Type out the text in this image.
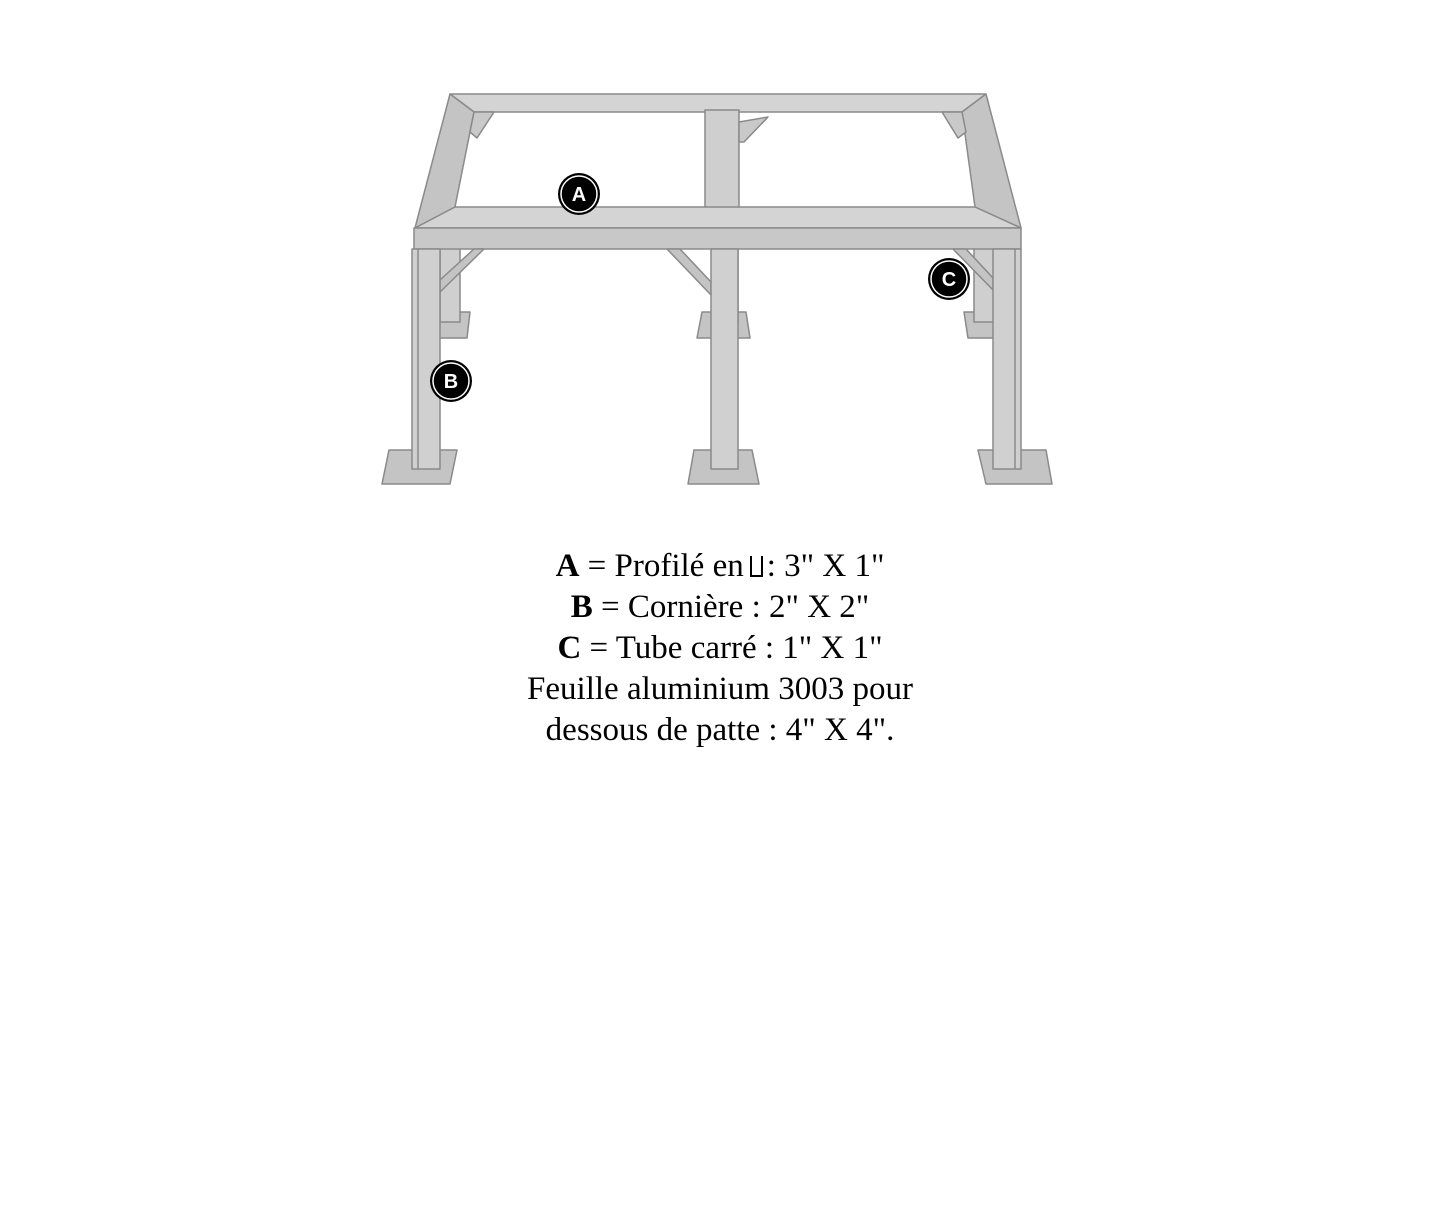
A
B
C
A = Profilé en : 3" X 1"
B = Cornière : 2" X 2"
C = Tube carré : 1" X 1"
Feuille aluminium 3003 pour
dessous de patte : 4" X 4".
